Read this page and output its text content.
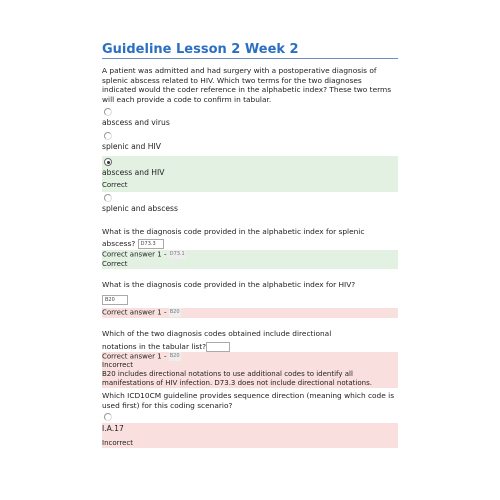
Guideline Lesson 2 Week 2

A patient was admitted and had surgery with a postoperative diagnosis of splenic abscess related to HIV. Which two terms for the two diagnoses indicated would the coder reference in the alphabetic index? These two terms will each provide a code to confirm in tabular.

abscess and virus

splenic and HIV

abscess and HIV

Correct

splenic and abscess

What is the diagnosis code provided in the alphabetic index for splenic abscess? D73.3

Correct answer 1 - D73.1

Correct

What is the diagnosis code provided in the alphabetic index for HIV?

B20

Correct answer 1 - B20

Which of the two diagnosis codes obtained include directional

notations in the tabular list?

Correct answer 1 - B20

Incorrect

B20 includes directional notations to use additional codes to identify all manifestations of HIV infection. D73.3 does not include directional notations.

Which ICD10CM guideline provides sequence direction (meaning which code is used first) for this coding scenario?

I.A.17

Incorrect
